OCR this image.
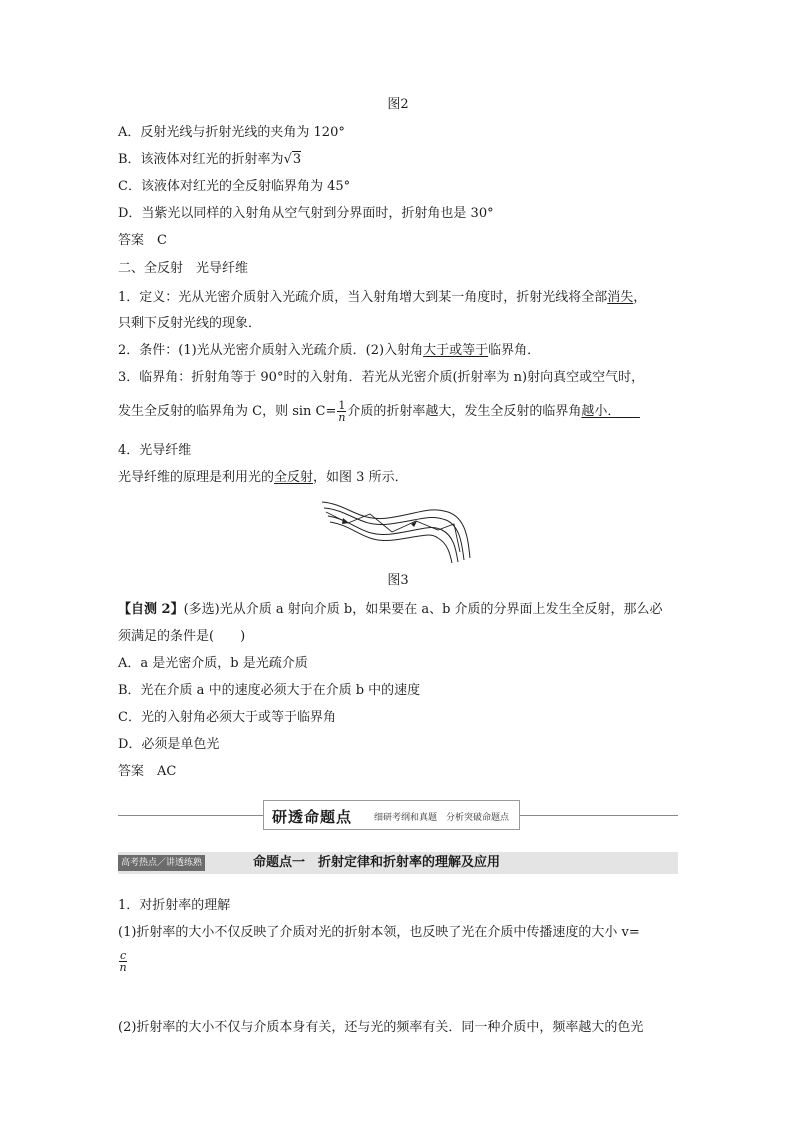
图2
A．反射光线与折射光线的夹角为 120°
B．该液体对红光的折射率为√3
C．该液体对红光的全反射临界角为 45°
D．当紫光以同样的入射角从空气射到分界面时，折射角也是 30°
答案　C
二、全反射　光导纤维
1．定义：光从光密介质射入光疏介质，当入射角增大到某一角度时，折射光线将全部消失，
只剩下反射光线的现象．
2．条件：(1)光从光密介质射入光疏介质．(2)入射角大于或等于临界角．
3．临界角：折射角等于 90°时的入射角．若光从光密介质(折射率为 n)射向真空或空气时，
发生全反射的临界角为 C，则 $\sin C= \frac{1}{n}$ 介质的折射率越大，发生全反射的临界角越小．　　
4．光导纤维
光导纤维的原理是利用光的全反射，如图 3 所示．
图3
【自测 2】(多选)光从介质 a 射向介质 b，如果要在 a、b 介质的分界面上发生全反射，那么必
须满足的条件是(　　)
A．a 是光密介质，b 是光疏介质
B．光在介质 a 中的速度必须大于在介质 b 中的速度
C．光的入射角必须大于或等于临界角
D．必须是单色光
答案　AC
研透命题点 细研考纲和真题　分析突破命题点
高考热点／讲透练熟	命题点一　折射定律和折射率的理解及应用
1．对折射率的理解
(1)折射率的大小不仅反映了介质对光的折射本领，也反映了光在介质中传播速度的大小 v=
$\frac{c}{n}$
(2)折射率的大小不仅与介质本身有关，还与光的频率有关．同一种介质中，频率越大的色光
